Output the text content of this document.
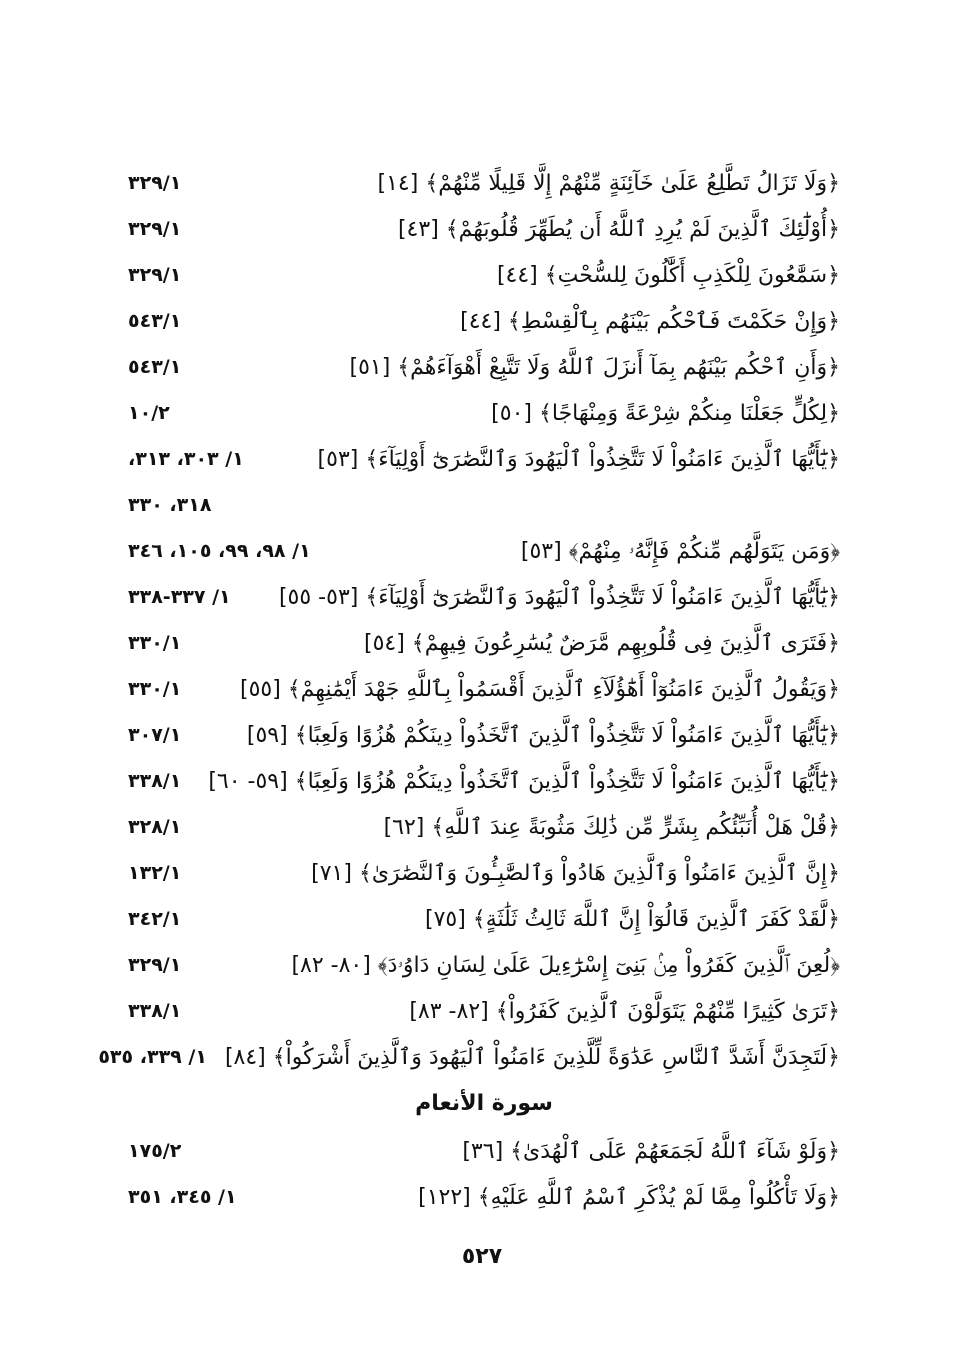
﴿وَلَا تَزَالُ تَطَّلِعُ عَلَىٰ خَآئِنَةٍ مِّنْهُمْ إِلَّا قَلِيلًا مِّنْهُمْ﴾ [١٤]
٣٢٩/١
﴿أُوْلَٰٓئِكَ ٱلَّذِينَ لَمْ يُرِدِ ٱللَّهُ أَن يُطَهِّرَ قُلُوبَهُمْ﴾ [٤٣]
٣٢٩/١
﴿سَمَّٰعُونَ لِلْكَذِبِ أَكَّٰلُونَ لِلسُّحْتِ﴾ [٤٤]
٣٢٩/١
﴿وَإِنْ حَكَمْتَ فَٱحْكُم بَيْنَهُم بِٱلْقِسْطِ﴾ [٤٤]
٥٤٣/١
﴿وَأَنِ ٱحْكُم بَيْنَهُم بِمَآ أَنزَلَ ٱللَّهُ وَلَا تَتَّبِعْ أَهْوَآءَهُمْ﴾ [٥١]
٥٤٣/١
﴿لِكُلٍّ جَعَلْنَا مِنكُمْ شِرْعَةً وَمِنْهَاجًا﴾ [٥٠]
١٠/٢
﴿يَٰٓأَيُّهَا ٱلَّذِينَ ءَامَنُواْ لَا تَتَّخِذُواْ ٱلْيَهُودَ وَٱلنَّصَٰرَىٰٓ أَوْلِيَآءَ﴾ [٥٣]
١/ ٣٠٣، ٣١٣،
٣١٨، ٣٣٠
﴿وَمَن يَتَوَلَّهُم مِّنكُمْ فَإِنَّهُۥ مِنْهُمْ﴾ [٥٣]
١/ ٩٨، ٩٩، ١٠٥، ٣٤٦
﴿يَٰٓأَيُّهَا ٱلَّذِينَ ءَامَنُواْ لَا تَتَّخِذُواْ ٱلْيَهُودَ وَٱلنَّصَٰرَىٰٓ أَوْلِيَآءَ﴾ [٥٣- ٥٥]
١/ ٣٣٧-٣٣٨
﴿فَتَرَى ٱلَّذِينَ فِى قُلُوبِهِم مَّرَضٌ يُسَٰرِعُونَ فِيهِمْ﴾ [٥٤]
٣٣٠/١
﴿وَيَقُولُ ٱلَّذِينَ ءَامَنُوٓاْ أَهَٰٓؤُلَآءِ ٱلَّذِينَ أَقْسَمُواْ بِٱللَّهِ جَهْدَ أَيْمَٰنِهِمْ﴾ [٥٥]
٣٣٠/١
﴿يَٰٓأَيُّهَا ٱلَّذِينَ ءَامَنُواْ لَا تَتَّخِذُواْ ٱلَّذِينَ ٱتَّخَذُواْ دِينَكُمْ هُزُوًا وَلَعِبًا﴾ [٥٩]
٣٠٧/١
﴿يَٰٓأَيُّهَا ٱلَّذِينَ ءَامَنُواْ لَا تَتَّخِذُواْ ٱلَّذِينَ ٱتَّخَذُواْ دِينَكُمْ هُزُوًا وَلَعِبًا﴾ [٥٩- ٦٠]
٣٣٨/١
﴿قُلْ هَلْ أُنَبِّئُكُم بِشَرٍّ مِّن ذَٰلِكَ مَثُوبَةً عِندَ ٱللَّهِ﴾ [٦٢]
٣٢٨/١
﴿إِنَّ ٱلَّذِينَ ءَامَنُواْ وَٱلَّذِينَ هَادُواْ وَٱلصَّٰبِـُٔونَ وَٱلنَّصَٰرَىٰ﴾ [٧١]
١٣٢/١
﴿لَّقَدْ كَفَرَ ٱلَّذِينَ قَالُوٓاْ إِنَّ ٱللَّهَ ثَالِثُ ثَلَٰثَةٍ﴾ [٧٥]
٣٤٢/١
﴿لُعِنَ ٱلَّذِينَ كَفَرُواْ مِنۢ بَنِىٓ إِسْرَٰٓءِيلَ عَلَىٰ لِسَانِ دَاوُۥدَ﴾ [٨٠- ٨٢]
٣٢٩/١
﴿تَرَىٰ كَثِيرًا مِّنْهُمْ يَتَوَلَّوْنَ ٱلَّذِينَ كَفَرُواْ﴾ [٨٢- ٨٣]
٣٣٨/١
﴿لَتَجِدَنَّ أَشَدَّ ٱلنَّاسِ عَدَٰوَةً لِّلَّذِينَ ءَامَنُواْ ٱلْيَهُودَ وَٱلَّذِينَ أَشْرَكُواْ﴾ [٨٤]
١/ ٣٣٩، ٥٣٥
سورة الأنعام
﴿وَلَوْ شَآءَ ٱللَّهُ لَجَمَعَهُمْ عَلَى ٱلْهُدَىٰ﴾ [٣٦]
١٧٥/٢
﴿وَلَا تَأْكُلُواْ مِمَّا لَمْ يُذْكَرِ ٱسْمُ ٱللَّهِ عَلَيْهِ﴾ [١٢٢]
١/ ٣٤٥، ٣٥١
٥٢٧
